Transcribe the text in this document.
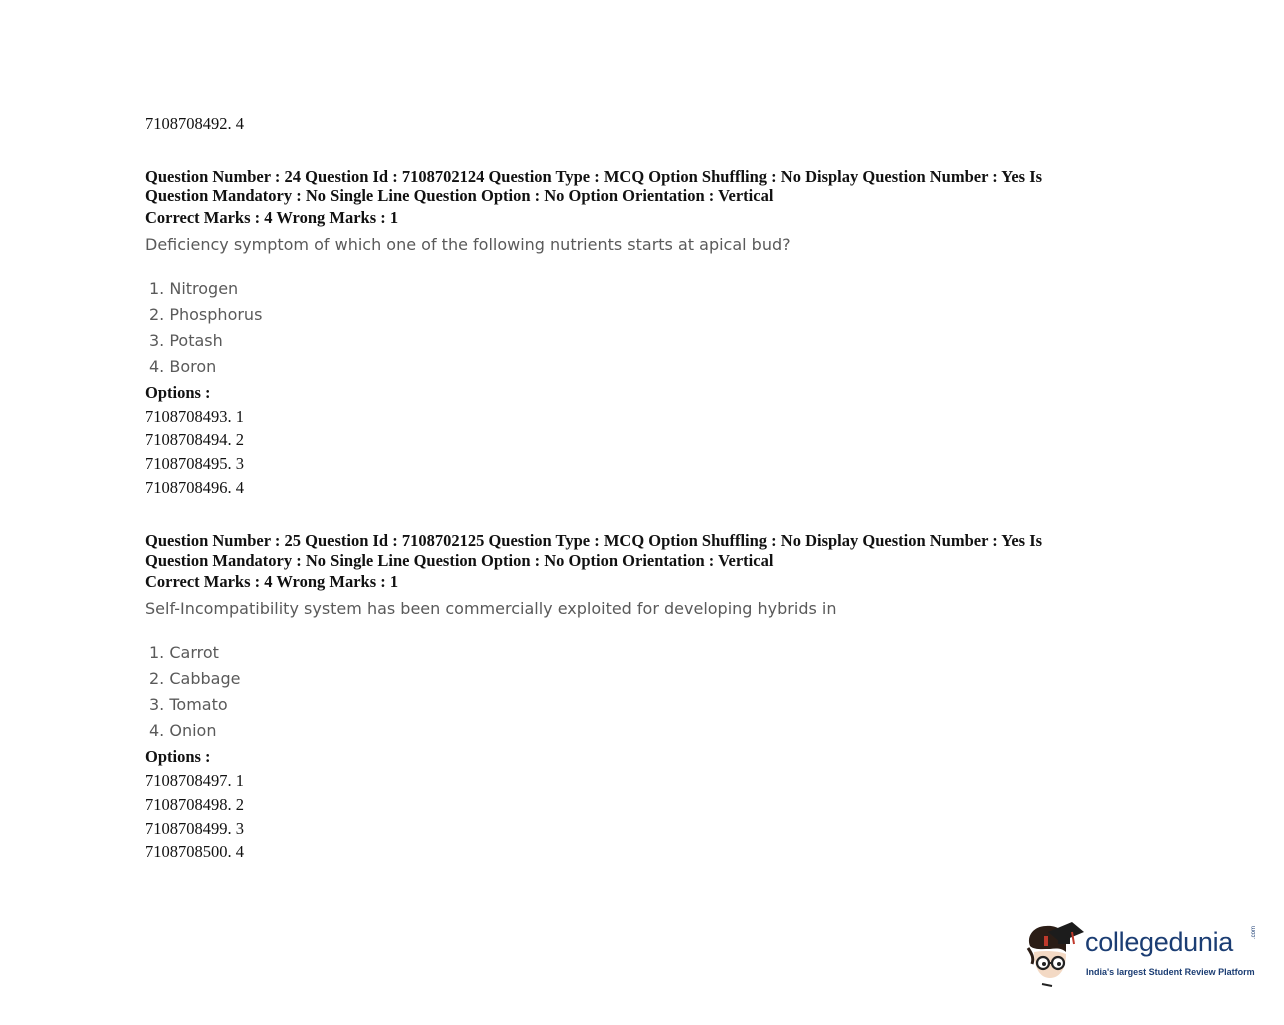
7108708492. 4
Question Number : 24 Question Id : 7108702124 Question Type : MCQ Option Shuffling : No Display Question Number : Yes Is
Question Mandatory : No Single Line Question Option : No Option Orientation : Vertical
Correct Marks : 4 Wrong Marks : 1
Deficiency symptom of which one of the following nutrients starts at apical bud?
1. Nitrogen
2. Phosphorus
3. Potash
4. Boron
Options :
7108708493. 1
7108708494. 2
7108708495. 3
7108708496. 4
Question Number : 25 Question Id : 7108702125 Question Type : MCQ Option Shuffling : No Display Question Number : Yes Is
Question Mandatory : No Single Line Question Option : No Option Orientation : Vertical
Correct Marks : 4 Wrong Marks : 1
Self-Incompatibility system has been commercially exploited for developing hybrids in
1. Carrot
2. Cabbage
3. Tomato
4. Onion
Options :
7108708497. 1
7108708498. 2
7108708499. 3
7108708500. 4
collegedunia	.com
India's largest Student Review Platform
